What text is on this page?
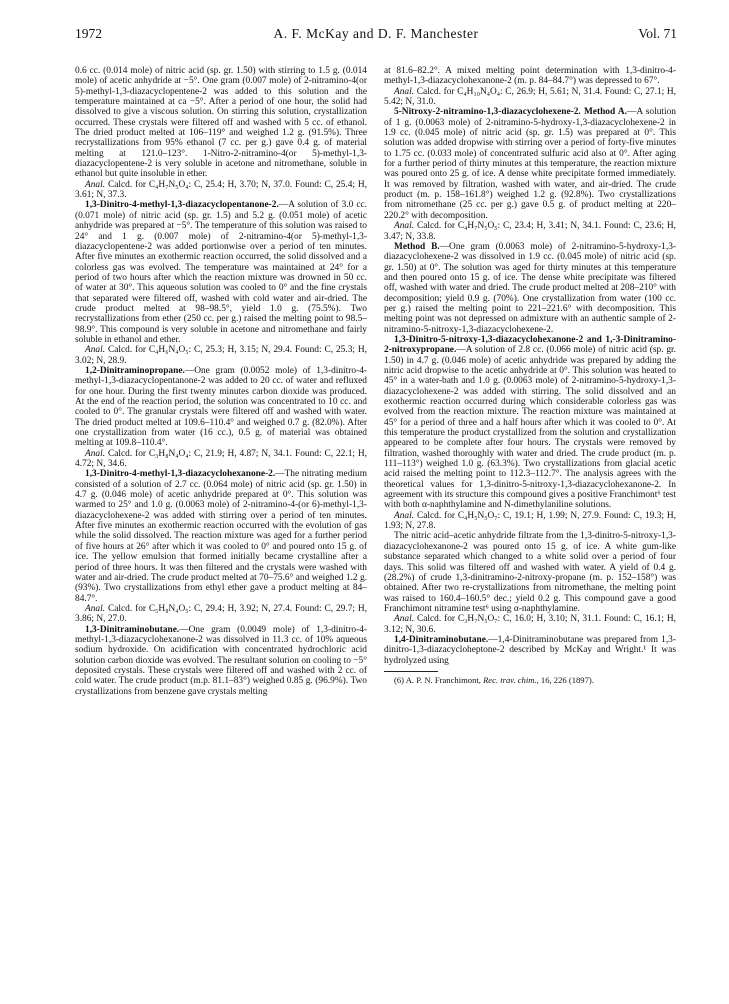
1972	A. F. McKay and D. F. Manchester	Vol. 71

0.6 cc. (0.014 mole) of nitric acid (sp. gr. 1.50) with stirring to 1.5 g. (0.014 mole) of acetic anhydride at −5°. One gram (0.007 mole) of 2-nitramino-4(or 5)-methyl-1,3-diazacyclopentene-2 was added to this solution and the temperature maintained at ca −5°. After a period of one hour, the solid had dissolved to give a viscous solution. On stirring this solution, crystallization occurred. These crystals were filtered off and washed with 5 cc. of ethanol. The dried product melted at 106–119° and weighed 1.2 g. (91.5%). Three recrystallizations from 95% ethanol (7 cc. per g.) gave 0.4 g. of material melting at 121.0–123°. 1-Nitro-2-nitramino-4(or 5)-methyl-1,3-diazacyclopentene-2 is very soluble in acetone and nitromethane, soluble in ethanol but quite insoluble in ether.

Anal. Calcd. for C₄H₇N₅O₄: C, 25.4; H, 3.70; N, 37.0. Found: C, 25.4; H, 3.61; N, 37.3.

1,3-Dinitro-4-methyl-1,3-diazacyclopentanone-2.—A solution of 3.0 cc. (0.071 mole) of nitric acid (sp. gr. 1.5) and 5.2 g. (0.051 mole) of acetic anhydride was prepared at −5°. The temperature of this solution was raised to 24° and 1 g. (0.007 mole) of 2-nitramino-4(or 5)-methyl-1,3-diazacyclopentene-2 was added portionwise over a period of ten minutes. After five minutes an exothermic reaction occurred, the solid dissolved and a colorless gas was evolved. The temperature was maintained at 24° for a period of two hours after which the reaction mixture was drowned in 50 cc. of water at 30°. This aqueous solution was cooled to 0° and the fine crystals that separated were filtered off, washed with cold water and air-dried. The crude product melted at 98–98.5°, yield 1.0 g. (75.5%). Two recrystallizations from ether (250 cc. per g.) raised the melting point to 98.5–98.9°. This compound is very soluble in acetone and nitromethane and fairly soluble in ethanol and ether.

Anal. Calcd. for C₄H₆N₄O₅: C, 25.3; H, 3.15; N, 29.4. Found: C, 25.3; H, 3.02; N, 28.9.

1,2-Dinitraminopropane.—One gram (0.0052 mole) of 1,3-dinitro-4-methyl-1,3-diazacyclopentanone-2 was added to 20 cc. of water and refluxed for one hour. During the first twenty minutes carbon dioxide was produced. At the end of the reaction period, the solution was concentrated to 10 cc. and cooled to 0°. The granular crystals were filtered off and washed with water. The dried product melted at 109.6–110.4° and weighed 0.7 g. (82.0%). After one crystallization from water (16 cc.), 0.5 g. of material was obtained melting at 109.8–110.4°.

Anal. Calcd. for C₃H₈N₄O₄: C, 21.9; H, 4.87; N, 34.1. Found: C, 22.1; H, 4.72; N, 34.6.

1,3-Dinitro-4-methyl-1,3-diazacyclohexanone-2.—The nitrating medium consisted of a solution of 2.7 cc. (0.064 mole) of nitric acid (sp. gr. 1.50) in 4.7 g. (0.046 mole) of acetic anhydride prepared at 0°. This solution was warmed to 25° and 1.0 g. (0.0063 mole) of 2-nitramino-4-(or 6)-methyl-1,3-diazacyclohexene-2 was added with stirring over a period of ten minutes. After five minutes an exothermic reaction occurred with the evolution of gas while the solid dissolved. The reaction mixture was aged for a further period of five hours at 26° after which it was cooled to 0° and poured onto 15 g. of ice. The yellow emulsion that formed initially became crystalline after a period of three hours. It was then filtered and the crystals were washed with water and air-dried. The crude product melted at 70–75.6° and weighed 1.2 g. (93%). Two crystallizations from ethyl ether gave a product melting at 84–84.7°.

Anal. Calcd. for C₅H₈N₄O₅: C, 29.4; H, 3.92; N, 27.4. Found: C, 29.7; H, 3.86; N, 27.0.

1,3-Dinitraminobutane.—One gram (0.0049 mole) of 1,3-dinitro-4-methyl-1,3-diazacyclohexanone-2 was dissolved in 11.3 cc. of 10% aqueous sodium hydroxide. On acidification with concentrated hydrochloric acid solution carbon dioxide was evolved. The resultant solution on cooling to −5° deposited crystals. These crystals were filtered off and washed with 2 cc. of cold water. The crude product (m.p. 81.1–83°) weighed 0.85 g. (96.9%). Two crystallizations from benzene gave crystals melting

at 81.6–82.2°. A mixed melting point determination with 1,3-dinitro-4-methyl-1,3-diazacyclohexanone-2 (m. p. 84–84.7°) was depressed to 67°.

Anal. Calcd. for C₄H₁₀N₄O₄: C, 26.9; H, 5.61; N, 31.4. Found: C, 27.1; H, 5.42; N, 31.0.

5-Nitroxy-2-nitramino-1,3-diazacyclohexene-2. Method A.—A solution of 1 g. (0.0063 mole) of 2-nitramino-5-hydroxy-1,3-diazacyclohexene-2 in 1.9 cc. (0.045 mole) of nitric acid (sp. gr. 1.5) was prepared at 0°. This solution was added dropwise with stirring over a period of forty-five minutes to 1.75 cc. (0.033 mole) of concentrated sulfuric acid also at 0°. After aging for a further period of thirty minutes at this temperature, the reaction mixture was poured onto 25 g. of ice. A dense white precipitate formed immediately. It was removed by filtration, washed with water, and air-dried. The crude product (m. p. 158–161.8°) weighed 1.2 g. (92.8%). Two crystallizations from nitromethane (25 cc. per g.) gave 0.5 g. of product melting at 220–220.2° with decomposition.

Anal. Calcd. for C₄H₇N₅O₅: C, 23.4; H, 3.41; N, 34.1. Found: C, 23.6; H, 3.47; N, 33.8.

Method B.—One gram (0.0063 mole) of 2-nitramino-5-hydroxy-1,3-diazacyclohexene-2 was dissolved in 1.9 cc. (0.045 mole) of nitric acid (sp. gr. 1.50) at 0°. The solution was aged for thirty minutes at this temperature and then poured onto 15 g. of ice. The dense white precipitate was filtered off, washed with water and dried. The crude product melted at 208–210° with decomposition; yield 0.9 g. (70%). One crystallization from water (100 cc. per g.) raised the melting point to 221–221.6° with decomposition. This melting point was not depressed on admixture with an authentic sample of 2-nitramino-5-nitroxy-1,3-diazacyclohexene-2.

1,3-Dinitro-5-nitroxy-1,3-diazacyclohexanone-2 and 1,-3-Dinitramino-2-nitroxypropane.—A solution of 2.8 cc. (0.066 mole) of nitric acid (sp. gr. 1.50) in 4.7 g. (0.046 mole) of acetic anhydride was prepared by adding the nitric acid dropwise to the acetic anhydride at 0°. This solution was heated to 45° in a water-bath and 1.0 g. (0.0063 mole) of 2-nitramino-5-hydroxy-1,3-diazacyclohexene-2 was added with stirring. The solid dissolved and an exothermic reaction occurred during which considerable colorless gas was evolved from the reaction mixture. The reaction mixture was maintained at 45° for a period of three and a half hours after which it was cooled to 0°. At this temperature the product crystallized from the solution and crystallization appeared to be complete after four hours. The crystals were removed by filtration, washed thoroughly with water and dried. The crude product (m. p. 111–113°) weighed 1.0 g. (63.3%). Two crystallizations from glacial acetic acid raised the melting point to 112.3–112.7°. The analysis agrees with the theoretical values for 1,3-dinitro-5-nitroxy-1,3-diazacyclohexanone-2. In agreement with its structure this compound gives a positive Franchimont⁶ test with both α-naphthylamine and N-dimethylaniline solutions.

Anal. Calcd. for C₄H₅N₅O₇: C, 19.1; H, 1.99; N, 27.9. Found: C, 19.3; H, 1.93; N, 27.8.

The nitric acid–acetic anhydride filtrate from the 1,3-dinitro-5-nitroxy-1,3-diazacyclohexanone-2 was poured onto 15 g. of ice. A white gum-like substance separated which changed to a white solid over a period of four days. This solid was filtered off and washed with water. A yield of 0.4 g. (28.2%) of crude 1,3-dinitramino-2-nitroxy-propane (m. p. 152–158°) was obtained. After two re-crystallizations from nitromethane, the melting point was raised to 160.4–160.5° dec.; yield 0.2 g. This compound gave a good Franchimont nitramine test⁶ using α-naphthylamine.

Anal. Calcd. for C₃H₇N₅O₇: C, 16.0; H, 3.10; N, 31.1. Found: C, 16.1; H, 3.12; N, 30.6.

1,4-Dinitraminobutane.—1,4-Dinitraminobutane was prepared from 1,3-dinitro-1,3-diazacycloheptone-2 described by McKay and Wright.¹ It was hydrolyzed using

(6) A. P. N. Franchimont, Rec. trav. chim., 16, 226 (1897).
